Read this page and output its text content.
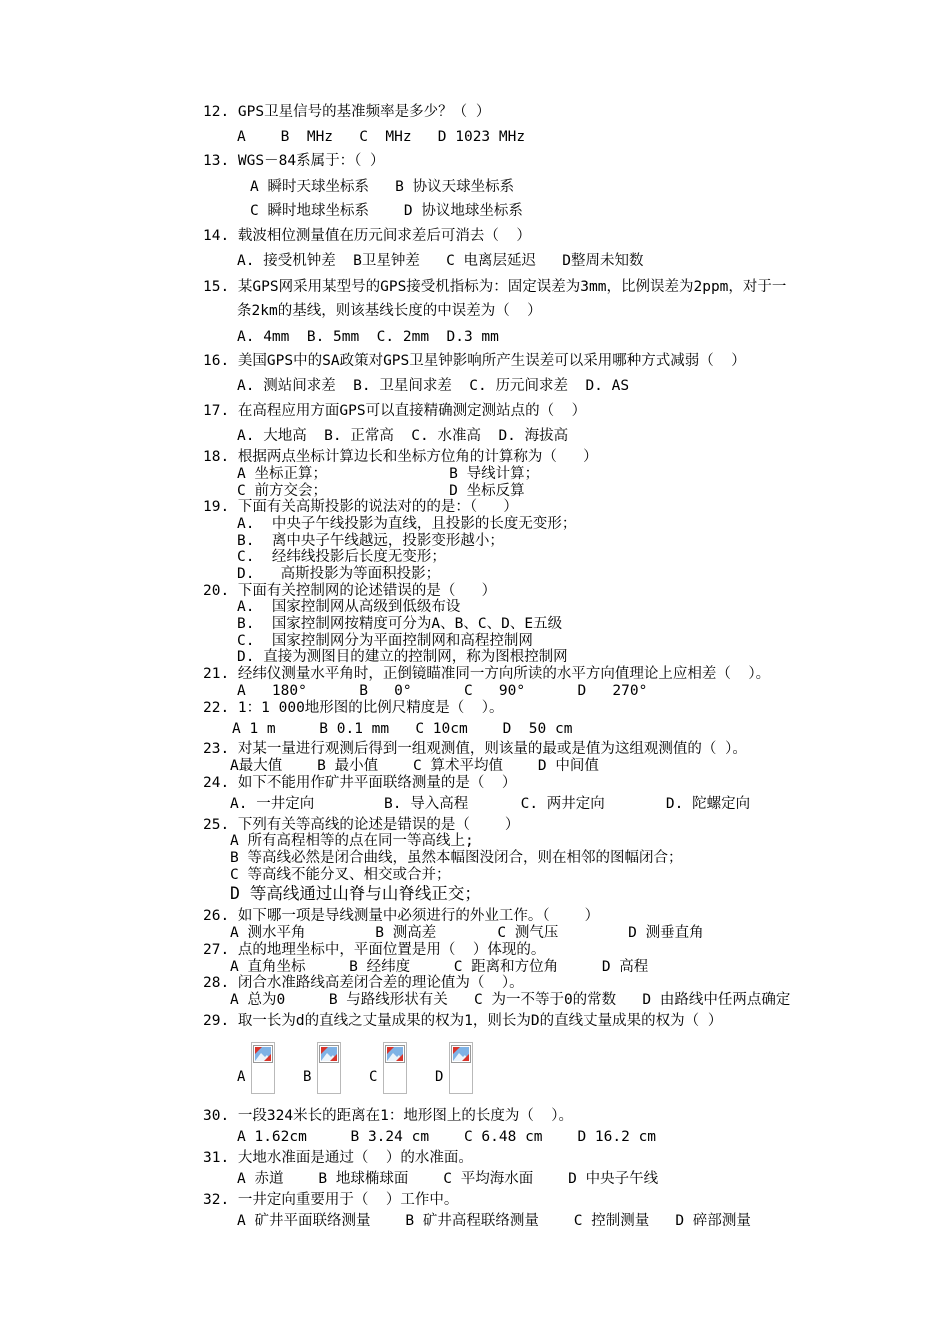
12. GPS卫星信号的基准频率是多少？（ ）
A    B  MHz   C  MHz   D 1023 MHz
13. WGS－84系属于：（ ）
A 瞬时天球坐标系   B 协议天球坐标系
C 瞬时地球坐标系    D 协议地球坐标系
14. 载波相位测量值在历元间求差后可消去（  ）
A. 接受机钟差  B卫星钟差   C 电离层延迟   D整周未知数
15. 某GPS网采用某型号的GPS接受机指标为：固定误差为3mm，比例误差为2ppm，对于一
条2km的基线，则该基线长度的中误差为（  ）
A. 4mm  B. 5mm  C. 2mm  D.3 mm
16. 美国GPS中的SA政策对GPS卫星钟影响所产生误差可以采用哪种方式减弱（  ）
A. 测站间求差  B. 卫星间求差  C. 历元间求差  D. AS
17. 在高程应用方面GPS可以直接精确测定测站点的（  ）
A. 大地高  B. 正常高  C. 水准高  D. 海拔高
18. 根据两点坐标计算边长和坐标方位角的计算称为（   ）
A 坐标正算；              B 导线计算；
C 前方交会；              D 坐标反算
19. 下面有关高斯投影的说法对的的是：（   ）
A.  中央子午线投影为直线，且投影的长度无变形；
B.  离中央子午线越远，投影变形越小；
C.  经纬线投影后长度无变形；
D.   高斯投影为等面积投影；
20. 下面有关控制网的论述错误的是（   ）
A.  国家控制网从高级到低级布设
B.  国家控制网按精度可分为A、B、C、D、E五级
C.  国家控制网分为平面控制网和高程控制网
D. 直接为测图目的建立的控制网，称为图根控制网
21. 经纬仪测量水平角时，正倒镜瞄准同一方向所读的水平方向值理论上应相差（  ）。
A   180°      B   0°      C   90°      D   270°
22. 1：1 000地形图的比例尺精度是（  ）。
A 1 m     B 0.1 mm   C 10cm    D  50 cm
23. 对某一量进行观测后得到一组观测值，则该量的最或是值为这组观测值的（ ）。
A最大值    B 最小值    C 算术平均值    D 中间值
24. 如下不能用作矿井平面联络测量的是（  ）
A. 一井定向        B. 导入高程      C. 两井定向       D. 陀螺定向
25. 下列有关等高线的论述是错误的是（    ）
A 所有高程相等的点在同一等高线上;
B 等高线必然是闭合曲线，虽然本幅图没闭合，则在相邻的图幅闭合；
C 等高线不能分叉、相交或合并；
D 等高线通过山脊与山脊线正交；
26. 如下哪一项是导线测量中必须进行的外业工作。（    ）
A 测水平角        B 测高差       C 测气压        D 测垂直角
27. 点的地理坐标中，平面位置是用（  ）体现的。
A 直角坐标     B 经纬度     C 距离和方位角     D 高程
28. 闭合水准路线高差闭合差的理论值为（  ）。
A 总为0     B 与路线形状有关   C 为一不等于0的常数   D 由路线中任两点确定
29. 取一长为d的直线之丈量成果的权为1，则长为D的直线丈量成果的权为（ ）
30. 一段324米长的距离在1：地形图上的长度为（  ）。
A 1.62cm     B 3.24 cm    C 6.48 cm    D 16.2 cm
31. 大地水准面是通过（  ）的水准面。
A 赤道    B 地球椭球面    C 平均海水面    D 中央子午线
32. 一井定向重要用于（  ）工作中。
A 矿井平面联络测量    B 矿井高程联络测量    C 控制测量   D 碎部测量
A	B	C	D
